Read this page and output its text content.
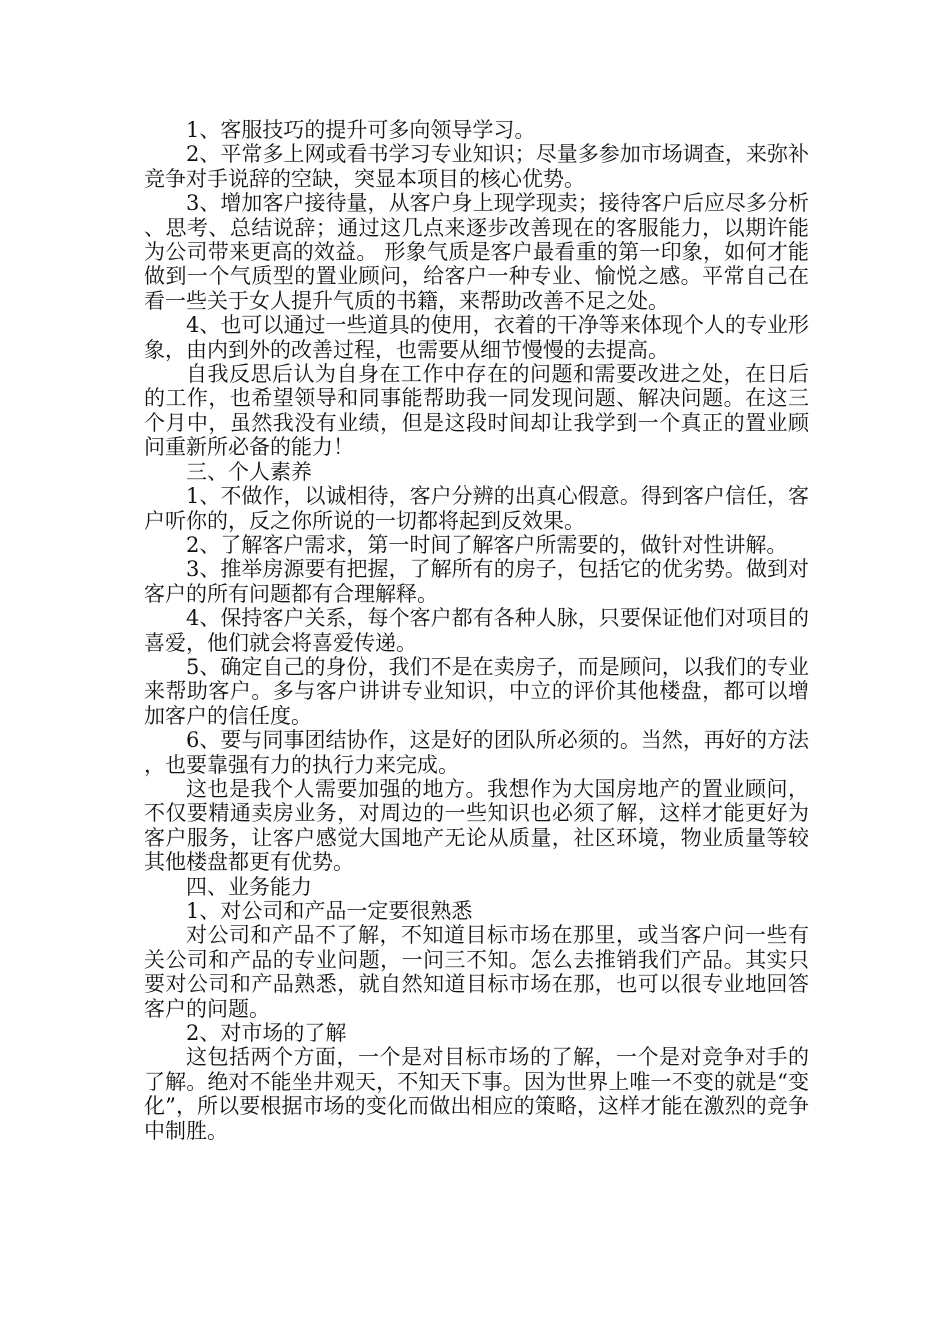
1、客服技巧的提升可多向领导学习。

2、平常多上网或看书学习专业知识；尽量多参加市场调查，来弥补竞争对手说辞的空缺，突显本项目的核心优势。

3、增加客户接待量，从客户身上现学现卖；接待客户后应尽多分析、思考、总结说辞；通过这几点来逐步改善现在的客服能力，以期许能为公司带来更高的效益。 形象气质是客户最看重的第一印象，如何才能做到一个气质型的置业顾问，给客户一种专业、愉悦之感。平常自己在看一些关于女人提升气质的书籍，来帮助改善不足之处。

4、也可以通过一些道具的使用，衣着的干净等来体现个人的专业形象，由内到外的改善过程，也需要从细节慢慢的去提高。

自我反思后认为自身在工作中存在的问题和需要改进之处，在日后的工作，也希望领导和同事能帮助我一同发现问题、解决问题。在这三个月中，虽然我没有业绩，但是这段时间却让我学到一个真正的置业顾问重新所必备的能力！

三、个人素养

1、不做作，以诚相待，客户分辨的出真心假意。得到客户信任，客户听你的，反之你所说的一切都将起到反效果。

2、了解客户需求，第一时间了解客户所需要的，做针对性讲解。

3、推举房源要有把握，了解所有的房子，包括它的优劣势。做到对客户的所有问题都有合理解释。

4、保持客户关系，每个客户都有各种人脉，只要保证他们对项目的喜爱，他们就会将喜爱传递。

5、确定自己的身份，我们不是在卖房子，而是顾问，以我们的专业来帮助客户。多与客户讲讲专业知识，中立的评价其他楼盘，都可以增加客户的信任度。

6、要与同事团结协作，这是好的团队所必须的。当然，再好的方法，也要靠强有力的执行力来完成。

这也是我个人需要加强的地方。我想作为大国房地产的置业顾问，不仅要精通卖房业务，对周边的一些知识也必须了解，这样才能更好为客户服务，让客户感觉大国地产无论从质量，社区环境，物业质量等较其他楼盘都更有优势。

四、业务能力

1、对公司和产品一定要很熟悉

对公司和产品不了解，不知道目标市场在那里，或当客户问一些有关公司和产品的专业问题，一问三不知。怎么去推销我们产品。其实只要对公司和产品熟悉，就自然知道目标市场在那，也可以很专业地回答客户的问题。

2、对市场的了解

这包括两个方面，一个是对目标市场的了解，一个是对竞争对手的了解。绝对不能坐井观天，不知天下事。因为世界上唯一不变的就是“变化”，所以要根据市场的变化而做出相应的策略，这样才能在激烈的竞争中制胜。
